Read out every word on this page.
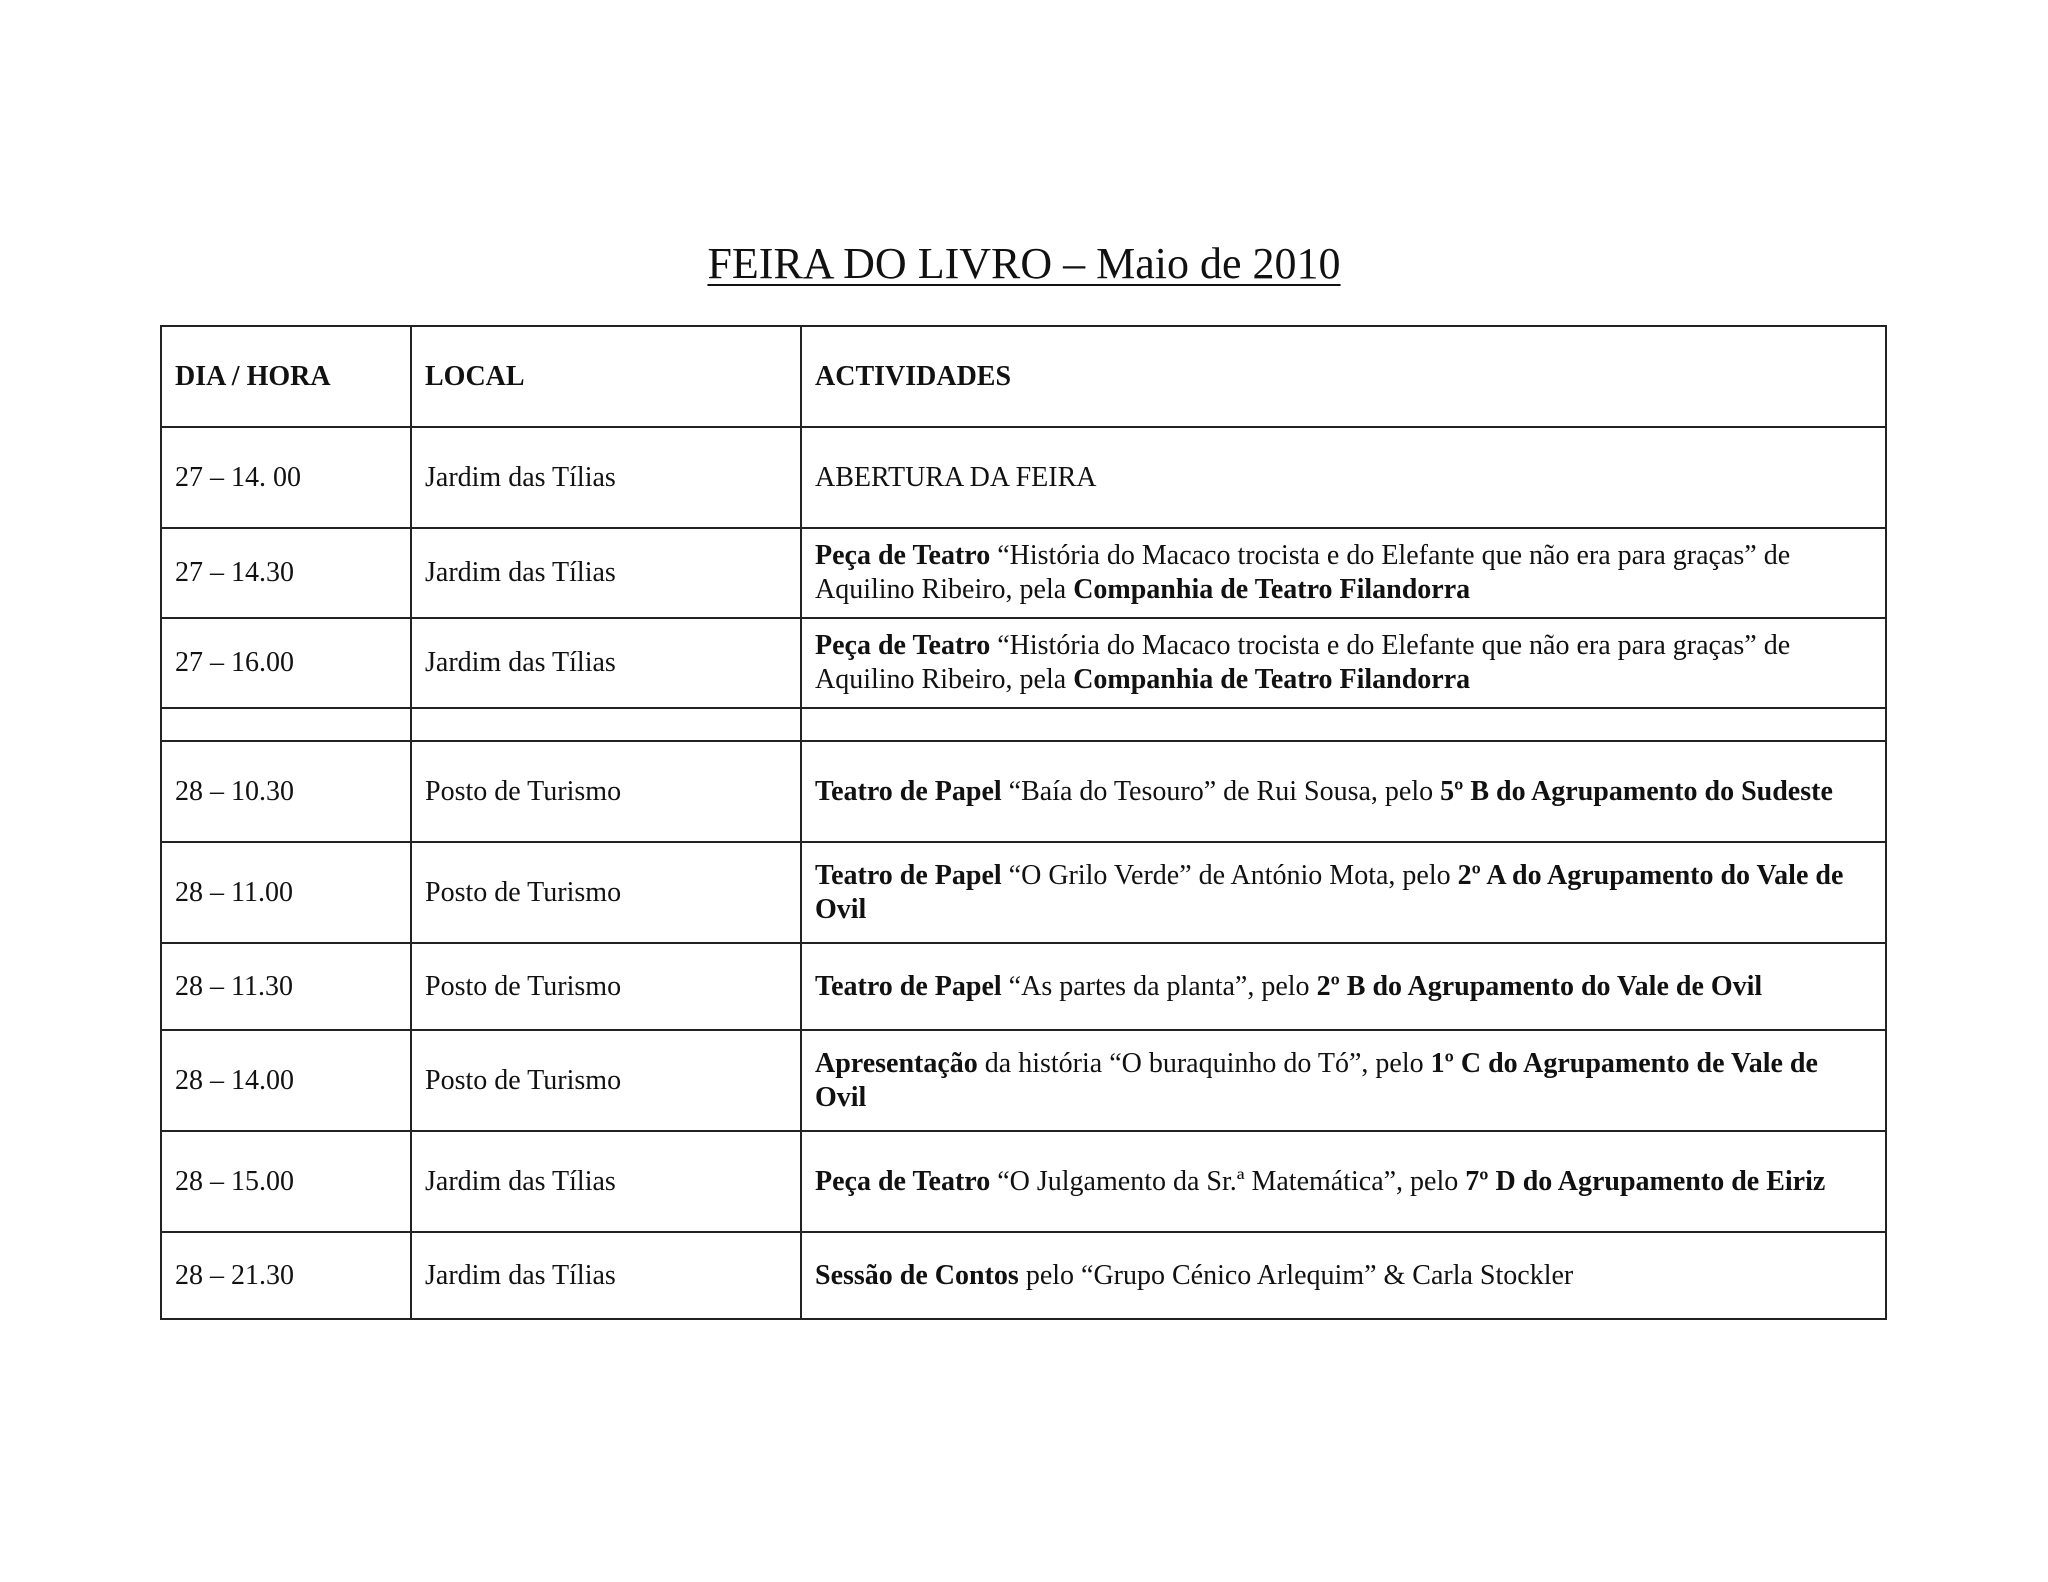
FEIRA DO LIVRO – Maio de 2010
DIA / HORA	LOCAL	ACTIVIDADES
27 – 14. 00	Jardim das Tílias	ABERTURA DA FEIRA
27 – 14.30	Jardim das Tílias	Peça de Teatro “História do Macaco trocista e do Elefante que não era para graças” de Aquilino Ribeiro, pela Companhia de Teatro Filandorra
27 – 16.00	Jardim das Tílias	Peça de Teatro “História do Macaco trocista e do Elefante que não era para graças” de Aquilino Ribeiro, pela Companhia de Teatro Filandorra

28 – 10.30	Posto de Turismo	Teatro de Papel “Baía do Tesouro” de Rui Sousa, pelo 5º B do Agrupamento do Sudeste
28 – 11.00	Posto de Turismo	Teatro de Papel “O Grilo Verde” de António Mota, pelo 2º A do Agrupamento do Vale de Ovil
28 – 11.30	Posto de Turismo	Teatro de Papel “As partes da planta”, pelo 2º B do Agrupamento do Vale de Ovil
28 – 14.00	Posto de Turismo	Apresentação da história “O buraquinho do Tó”, pelo 1º C do Agrupamento de Vale de Ovil
28 – 15.00	Jardim das Tílias	Peça de Teatro “O Julgamento da Sr.ª Matemática”, pelo 7º D do Agrupamento de Eiriz
28 – 21.30	Jardim das Tílias	Sessão de Contos pelo “Grupo Cénico Arlequim” & Carla Stockler
